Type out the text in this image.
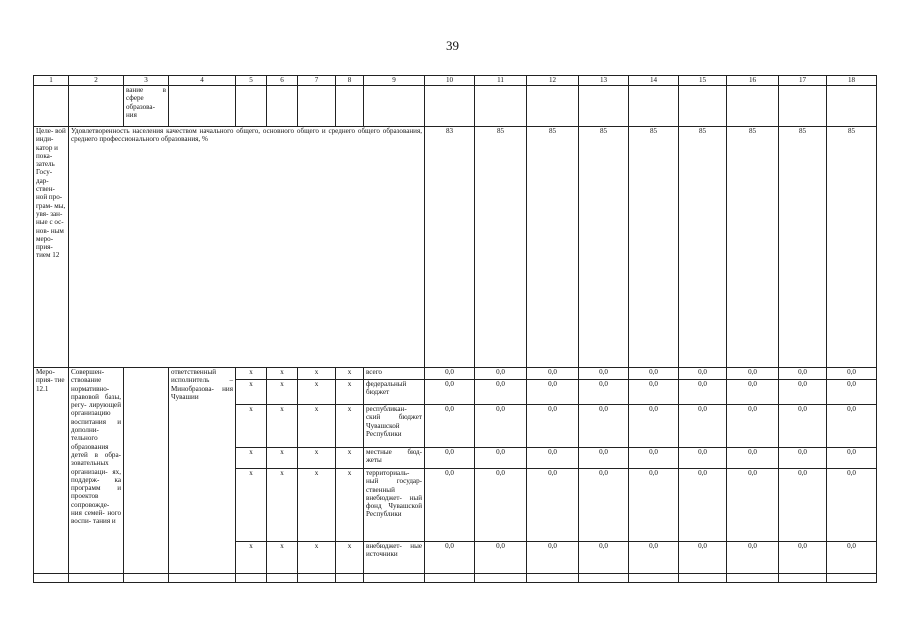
39
1	2	3	4	5	6	7	8	9	10	11	12	13	14	15	16	17	18
		вание в сфере образова- ния															
Целе- вой инди- катор и пока- затель Госу- дар- ствен- ной про- грам- мы, увя- зан- ные с ос- нов- ным меро- прия- тием 12	Удовлетворенность населения качеством начального общего, основного общего и среднего общего образования, среднего профессионального образования, %								83	85	85	85	85	85	85	85	85
Меро- прия- тие 12.1	Совершен- ствование нормативно- правовой базы, регу- лирующей организацию воспитания и дополни- тельного образования детей в обра- зовательных организаци- ях, поддерж- ка программ и проектов сопровожде- ния семей- ного воспи- тания и		ответственный исполнитель – Минобразова- ния Чувашии	x	x	x	x	всего	0,0	0,0	0,0	0,0	0,0	0,0	0,0	0,0	0,0
				x	x	x	x	федеральный бюджет	0,0	0,0	0,0	0,0	0,0	0,0	0,0	0,0	0,0
				x	x	x	x	республикан- ский бюджет Чувашской Республики	0,0	0,0	0,0	0,0	0,0	0,0	0,0	0,0	0,0
				x	x	x	x	местные бюд- жеты	0,0	0,0	0,0	0,0	0,0	0,0	0,0	0,0	0,0
				x	x	x	x	территориаль- ный государ- ственный внебюджет- ный фонд Чувашской Республики	0,0	0,0	0,0	0,0	0,0	0,0	0,0	0,0	0,0
				x	x	x	x	внебюджет- ные источники	0,0	0,0	0,0	0,0	0,0	0,0	0,0	0,0	0,0
